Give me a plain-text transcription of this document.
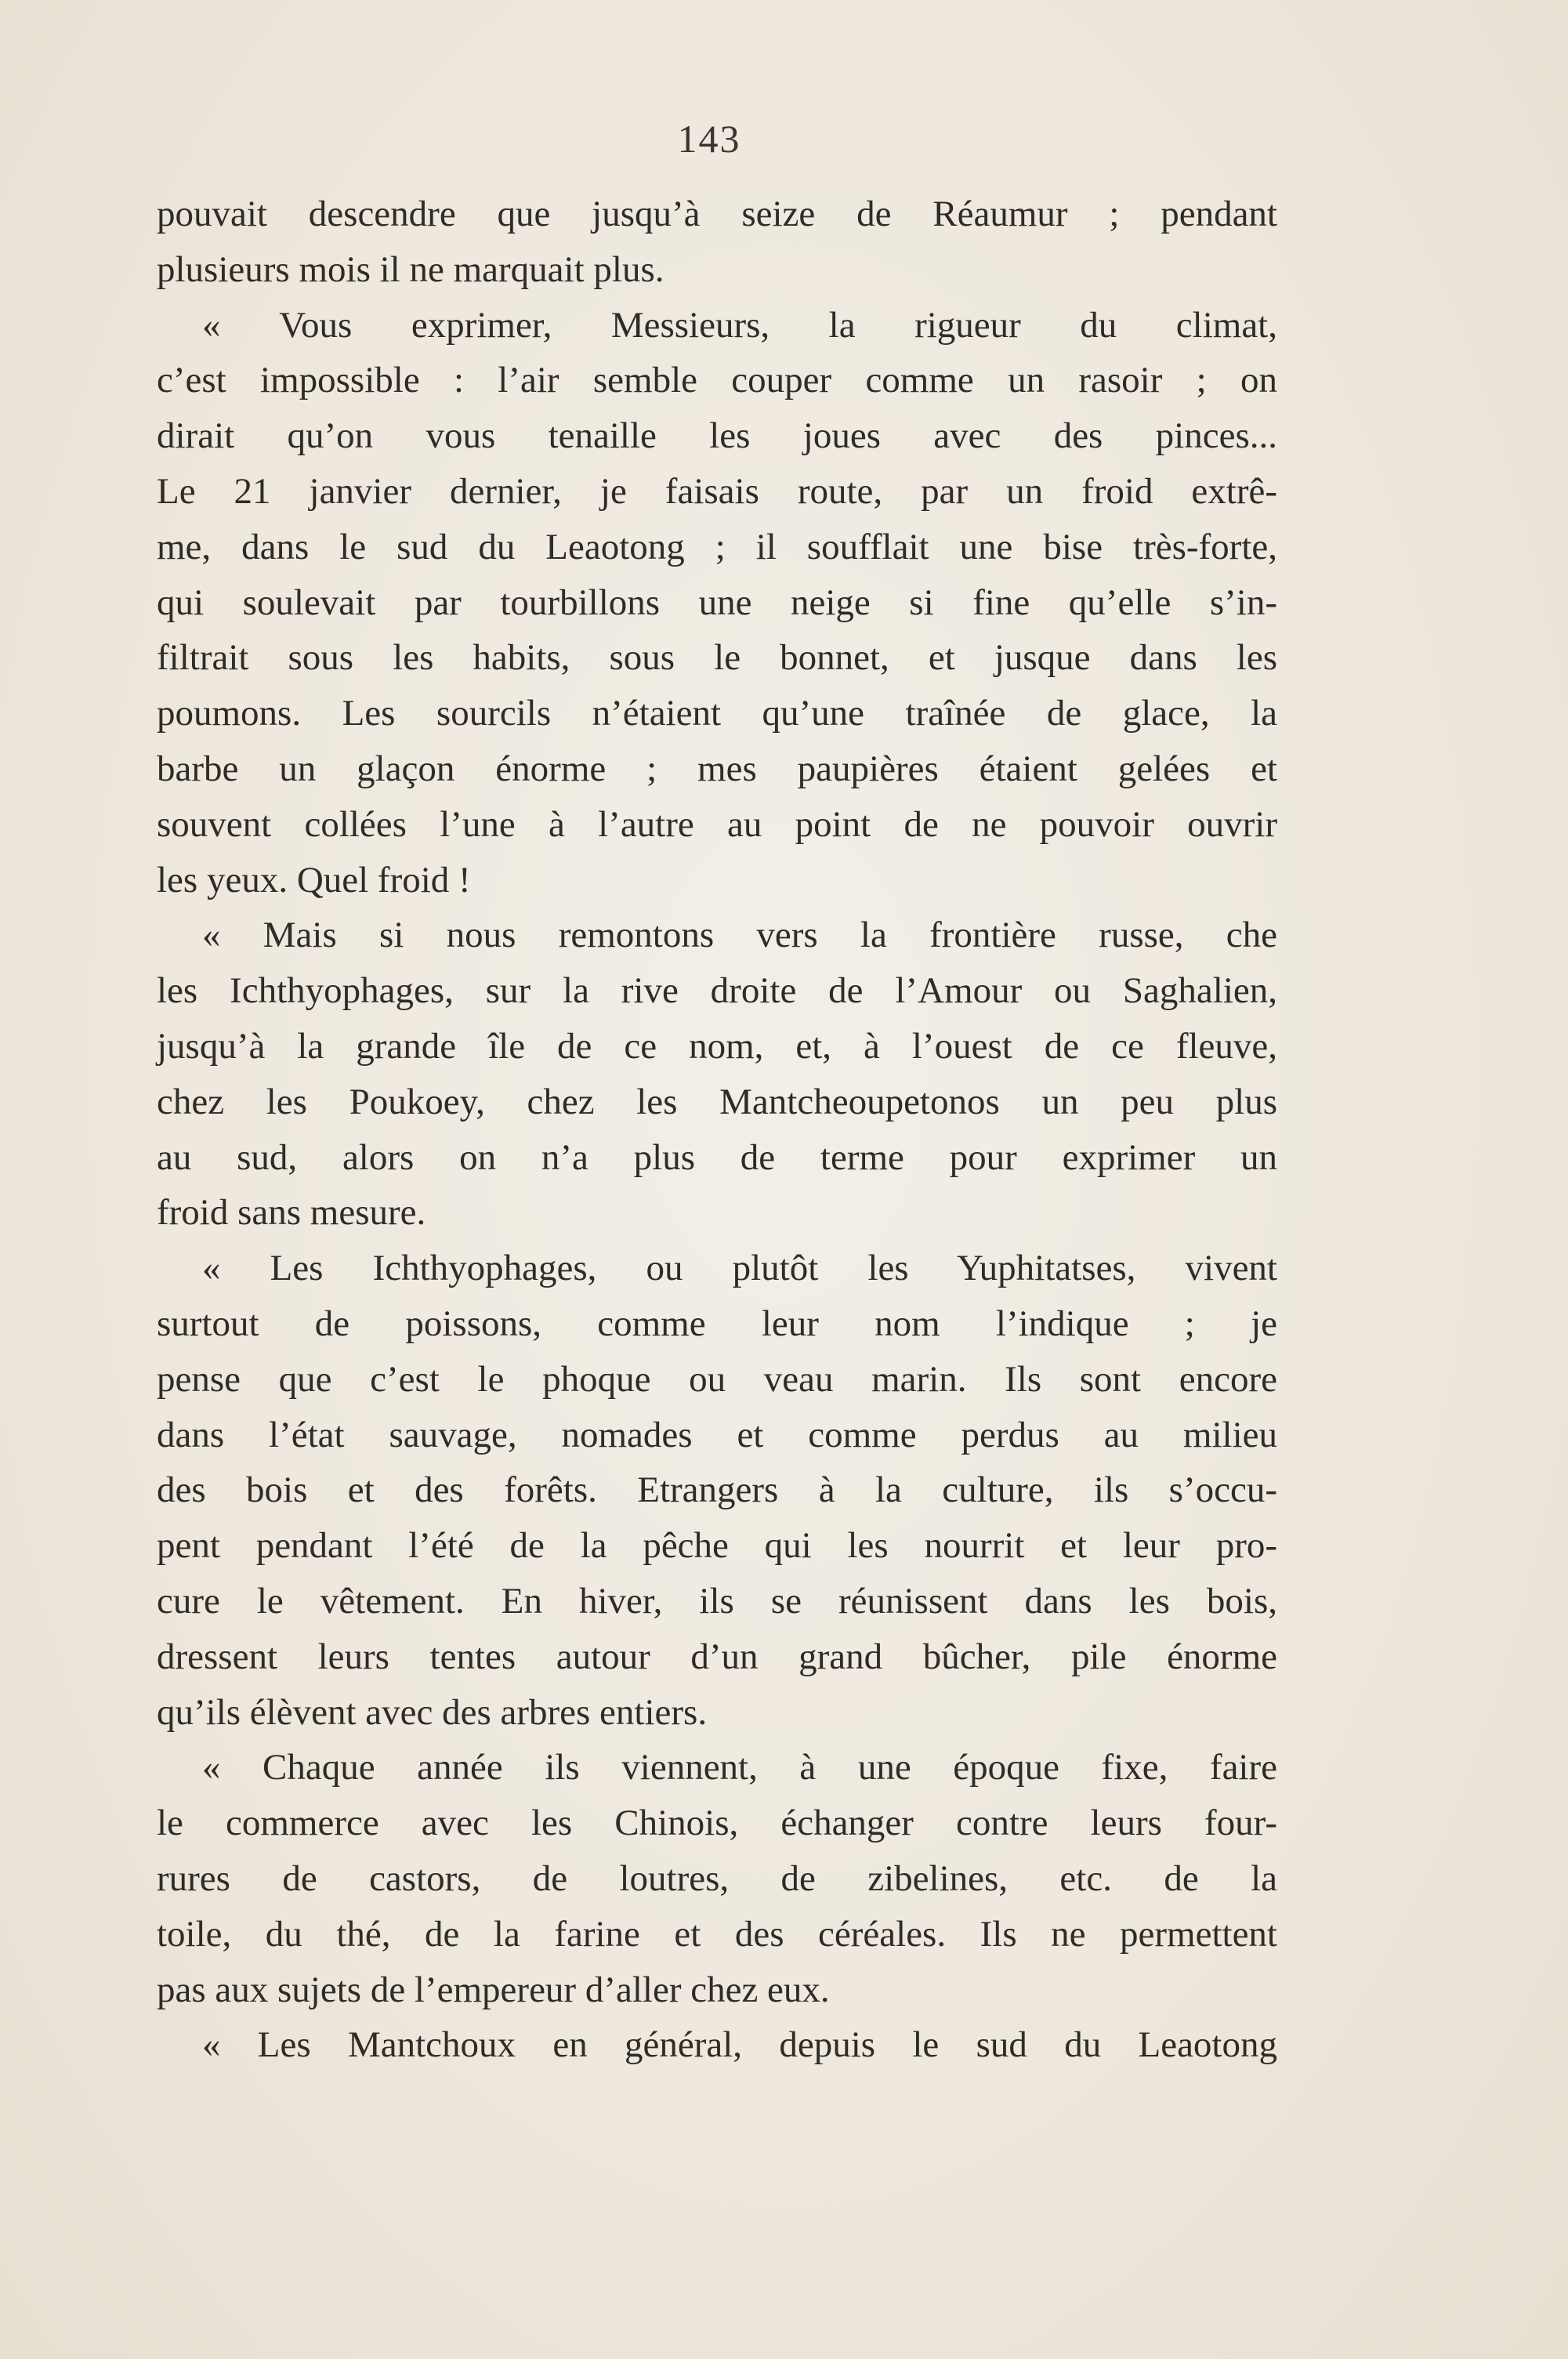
143
pouvait descendre que jusqu’à seize de Réaumur ; pendant
plusieurs mois il ne marquait plus.
« Vous exprimer, Messieurs, la rigueur du climat,
c’est impossible : l’air semble couper comme un rasoir ; on
dirait qu’on vous tenaille les joues avec des pinces...
Le 21 janvier dernier, je faisais route, par un froid extrê-
me, dans le sud du Leaotong ; il soufflait une bise très-forte,
qui soulevait par tourbillons une neige si fine qu’elle s’in-
filtrait sous les habits, sous le bonnet, et jusque dans les
poumons. Les sourcils n’étaient qu’une traînée de glace, la
barbe un glaçon énorme ; mes paupières étaient gelées et
souvent collées l’une à l’autre au point de ne pouvoir ouvrir
les yeux. Quel froid !
« Mais si nous remontons vers la frontière russe, che
les Ichthyophages, sur la rive droite de l’Amour ou Saghalien,
jusqu’à la grande île de ce nom, et, à l’ouest de ce fleuve,
chez les Poukoey, chez les Mantcheoupetonos un peu plus
au sud, alors on n’a plus de terme pour exprimer un
froid sans mesure.
« Les Ichthyophages, ou plutôt les Yuphitatses, vivent
surtout de poissons, comme leur nom l’indique ; je
pense que c’est le phoque ou veau marin. Ils sont encore
dans l’état sauvage, nomades et comme perdus au milieu
des bois et des forêts. Etrangers à la culture, ils s’occu-
pent pendant l’été de la pêche qui les nourrit et leur pro-
cure le vêtement. En hiver, ils se réunissent dans les bois,
dressent leurs tentes autour d’un grand bûcher, pile énorme
qu’ils élèvent avec des arbres entiers.
« Chaque année ils viennent, à une époque fixe, faire
le commerce avec les Chinois, échanger contre leurs four-
rures de castors, de loutres, de zibelines, etc. de la
toile, du thé, de la farine et des céréales. Ils ne permettent
pas aux sujets de l’empereur d’aller chez eux.
« Les Mantchoux en général, depuis le sud du Leaotong
